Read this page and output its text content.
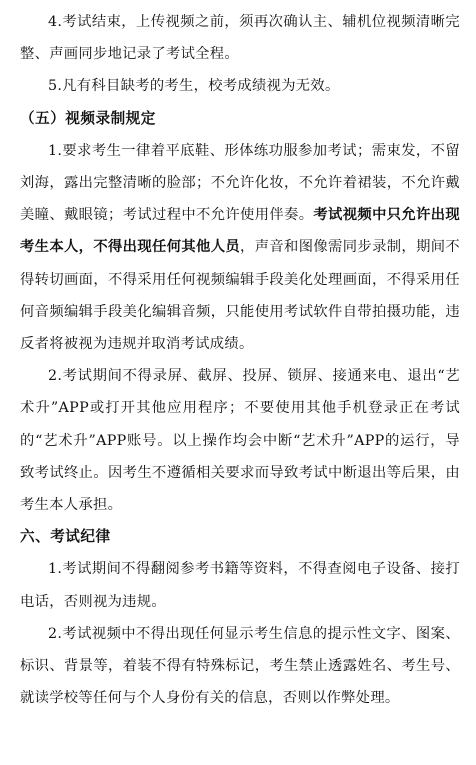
4.考试结束，上传视频之前，须再次确认主、辅机位视频清晰完整、声画同步地记录了考试全程。

5.凡有科目缺考的考生，校考成绩视为无效。

（五）视频录制规定

1.要求考生一律着平底鞋、形体练功服参加考试；需束发，不留刘海，露出完整清晰的脸部；不允许化妆，不允许着裙装，不允许戴美瞳、戴眼镜；考试过程中不允许使用伴奏。考试视频中只允许出现考生本人，不得出现任何其他人员，声音和图像需同步录制，期间不得转切画面，不得采用任何视频编辑手段美化处理画面，不得采用任何音频编辑手段美化编辑音频，只能使用考试软件自带拍摄功能，违反者将被视为违规并取消考试成绩。

2.考试期间不得录屏、截屏、投屏、锁屏、接通来电、退出“艺术升”APP或打开其他应用程序；不要使用其他手机登录正在考试的“艺术升”APP账号。以上操作均会中断“艺术升”APP的运行，导致考试终止。因考生不遵循相关要求而导致考试中断退出等后果，由考生本人承担。

六、考试纪律

1.考试期间不得翻阅参考书籍等资料，不得查阅电子设备、接打电话，否则视为违规。

2.考试视频中不得出现任何显示考生信息的提示性文字、图案、标识、背景等，着装不得有特殊标记，考生禁止透露姓名、考生号、就读学校等任何与个人身份有关的信息，否则以作弊处理。
